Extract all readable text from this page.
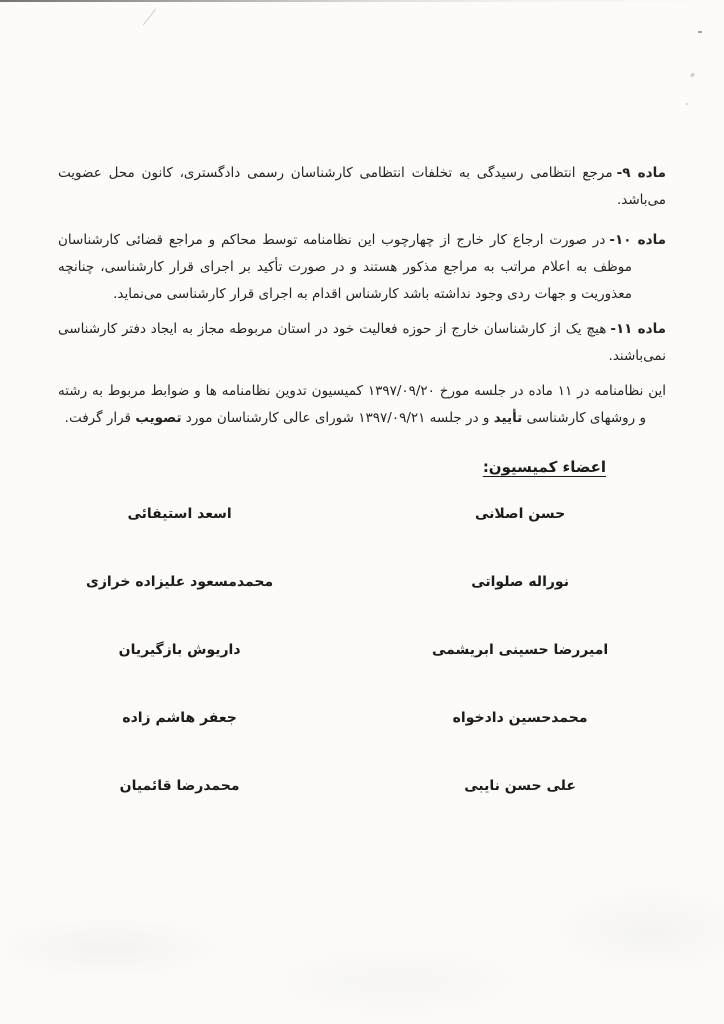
ماده ۹-مرجع انتظامی رسیدگی به تخلفات انتظامی کارشناسان رسمی دادگستری، کانون محل عضویت می‌باشد.

ماده ۱۰-در صورت ارجاع کار خارج از چهارچوب این نظامنامه توسط محاکم و مراجع قضائی کارشناسان موظف به اعلام مراتب به مراجع مذکور هستند و در صورت تأکید بر اجرای قرار کارشناسی، چنانچه معذوریت و جهات ردی وجود نداشته باشد کارشناس اقدام به اجرای قرار کارشناسی می‌نماید.

ماده ۱۱-هیچ یک از کارشناسان خارج از حوزه فعالیت خود در استان مربوطه مجاز به ایجاد دفتر کارشناسی نمی‌باشند.

این نظامنامه در ۱۱ ماده در جلسه مورخ ۱۳۹۷/۰۹/۲۰ کمیسیون تدوین نظامنامه ها و ضوابط مربوط به رشته و روشهای کارشناسی تأیید و در جلسه ۱۳۹۷/۰۹/۲۱ شورای عالی کارشناسان مورد تصویب قرار گرفت.

اعضاء کمیسیون:
حسن اصلانی
اسعد استیفائی
نوراله صلواتی
محمدمسعود علیزاده خرازی
امیررضا حسینی ابریشمی
داریوش بازگیریان
محمدحسین دادخواه
جعفر هاشم زاده
علی حسن نایبی
محمدرضا قائمیان
